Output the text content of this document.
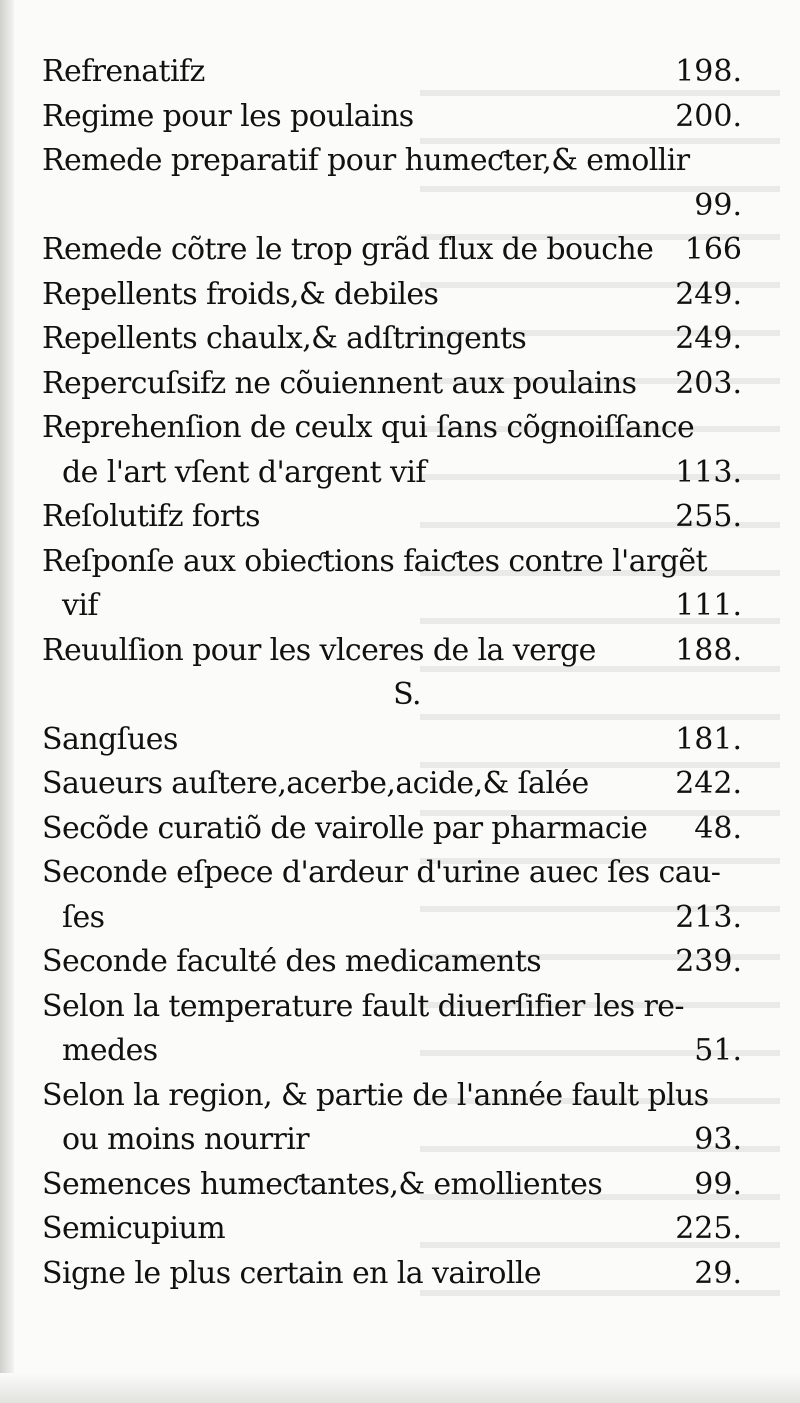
Refrenatifz	198.
Regime pour les poulains	200.
Remede preparatif pour humeƈter,& emollir
99.
Remede cõtre le trop grãd flux de bouche 166
Repellents froids,& debiles	249.
Repellents chaulx,& adſtringents	249.
Repercuſsifz ne cõuiennent aux poulains 203.
Reprehenſion de ceulx qui ſans cõgnoiſſance
de l'art vſent d'argent vif	113.
Reſolutifz forts	255.
Reſponſe aux obieƈtions faiƈtes contre l'argẽt
vif	111.
Reuulſion pour les vlceres de la verge	188.
S.
Sangſues	181.
Saueurs auſtere,acerbe,acide,& ſalée	242.
Secõde curatiõ de vairolle par pharmacie 48.
Seconde eſpece d'ardeur d'urine auec ſes cau-
ſes	213.
Seconde faculté des medicaments	239.
Selon la temperature fault diuerſifier les re-
medes	51.
Selon la region, & partie de l'année fault plus
ou moins nourrir	93.
Semences humeƈtantes,& emollientes	99.
Semicupium	225.
Signe le plus certain en la vairolle	29.
